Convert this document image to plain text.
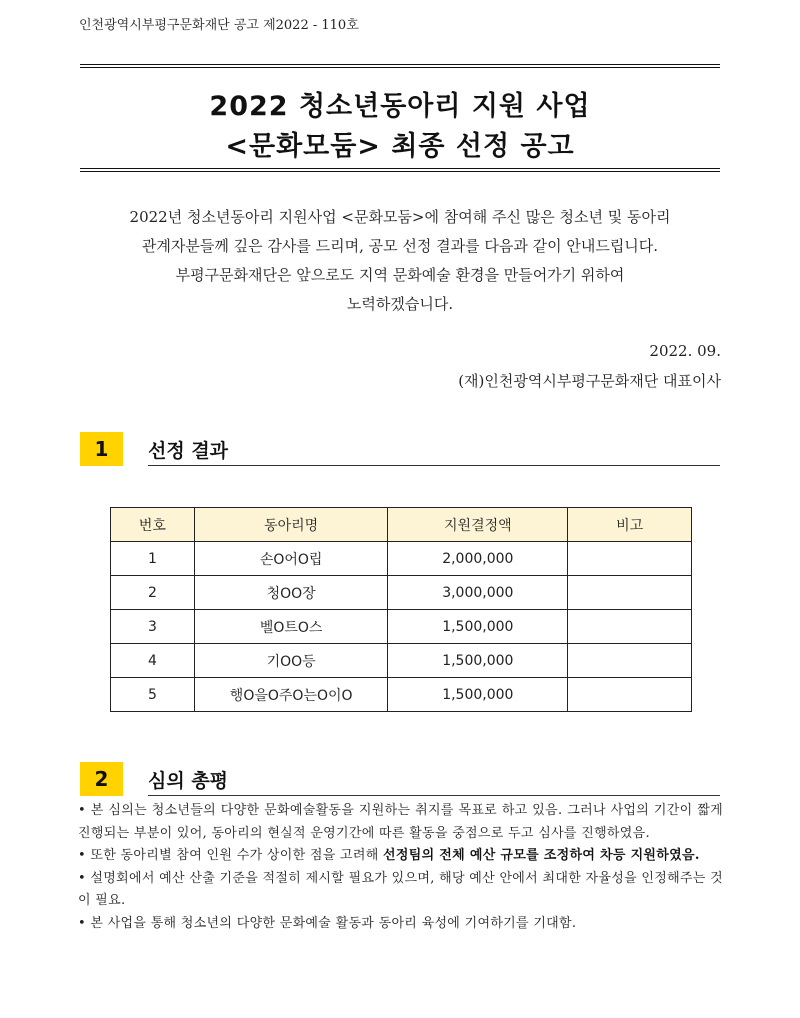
인천광역시부평구문화재단 공고 제2022 - 110호
2022 청소년동아리 지원 사업
<문화모둠> 최종 선정 공고

2022년 청소년동아리 지원사업 <문화모둠>에 참여해 주신 많은 청소년 및 동아리

관계자분들께 깊은 감사를 드리며, 공모 선정 결과를 다음과 같이 안내드립니다.

부평구문화재단은 앞으로도 지역 문화예술 환경을 만들어가기 위하여

노력하겠습니다.

2022. 09.
(재)인천광역시부평구문화재단 대표이사
1	선정 결과
번호	동아리명	지원결정액	비고
1	손O어O립	2,000,000	
2	청OO장	3,000,000	
3	벨O트O스	1,500,000	
4	기OO등	1,500,000	
5	행O을O주O는O이O	1,500,000	
2	심의 총평

• 본 심의는 청소년들의 다양한 문화예술활동을 지원하는 취지를 목표로 하고 있음. 그러나 사업의 기간이 짧게 진행되는 부분이 있어, 동아리의 현실적 운영기간에 따른 활동을 중점으로 두고 심사를 진행하였음.

• 또한 동아리별 참여 인원 수가 상이한 점을 고려해 선정팀의 전체 예산 규모를 조정하여 차등 지원하였음.

• 설명회에서 예산 산출 기준을 적절히 제시할 필요가 있으며, 해당 예산 안에서 최대한 자율성을 인정해주는 것이 필요.

• 본 사업을 통해 청소년의 다양한 문화예술 활동과 동아리 육성에 기여하기를 기대함.
